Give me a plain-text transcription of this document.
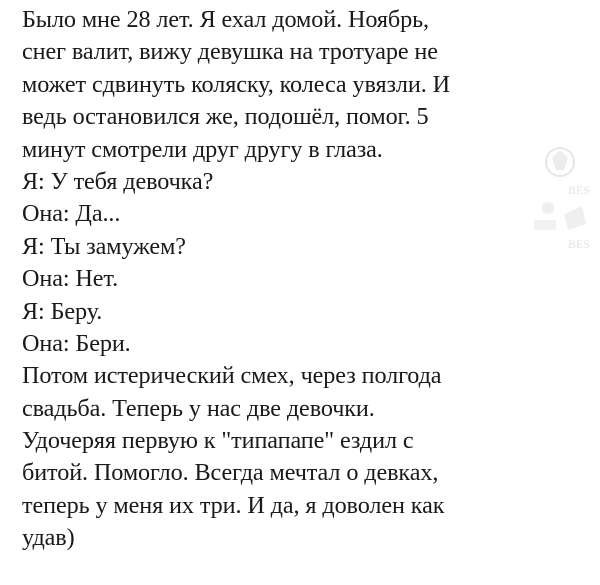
Было мне 28 лет. Я ехал домой. Ноябрь,
снег валит, вижу девушка на тротуаре не
может сдвинуть коляску, колеса увязли. И
ведь остановился же, подошёл, помог. 5
минут смотрели друг другу в глаза.
Я: У тебя девочка?
Она: Да...
Я: Ты замужем?
Она: Нет.
Я: Беру.
Она: Бери.
Потом истерический смех, через полгода
свадьба. Теперь у нас две девочки.
Удочеряя первую к "типапапе" ездил с
битой. Помогло. Всегда мечтал о девках,
теперь у меня их три. И да, я доволен как
удав)
BES
BES
